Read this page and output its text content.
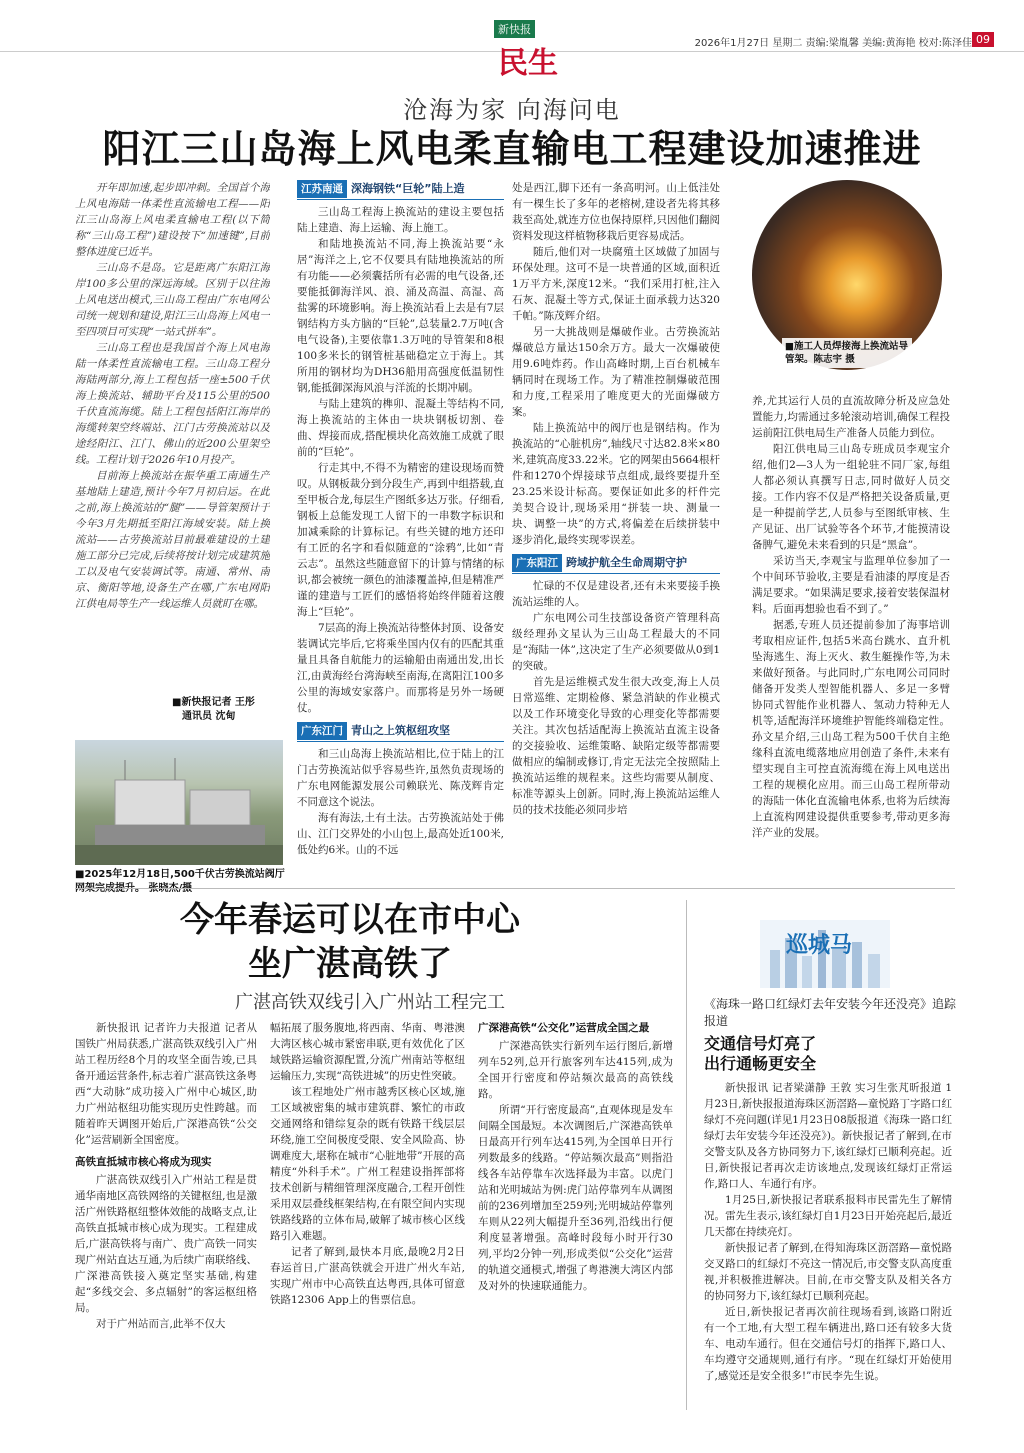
新快报
民生
2026年1月27日 星期二 责编:梁胤馨 美编:黄海艳 校对:陈泽佳 09
沧海为家 向海问电
阳江三山岛海上风电柔直输电工程建设加速推进

开年即加速,起步即冲刺。全国首个海上风电海陆一体柔性直流输电工程——阳江三山岛海上风电柔直输电工程(以下简称“三山岛工程”)建设按下“加速键”,目前整体进度已近半。

三山岛不是岛。它是距离广东阳江海岸100多公里的深远海域。区别于以往海上风电送出模式,三山岛工程由广东电网公司统一规划和建设,阳江三山岛海上风电一至四项目可实现“一站式拼车”。

三山岛工程也是我国首个海上风电海陆一体柔性直流输电工程。三山岛工程分海陆两部分,海上工程包括一座±500千伏海上换流站、辅助平台及115公里的500千伏直流海缆。陆上工程包括阳江海岸的海缆转架空终端站、江门古劳换流站以及途经阳江、江门、佛山的近200公里架空线。工程计划于2026年10月投产。

目前海上换流站在振华重工南通生产基地陆上建造,预计今年7月初启运。在此之前,海上换流站的“腿”——导管架预计于今年3月先期抵至阳江海域安装。陆上换流站——古劳换流站目前最难建设的土建施工部分已完成,后续将按计划完成建筑施工以及电气安装调试等。南通、常州、南京、衡阳等地,设备生产在哪,广东电网阳江供电局等生产一线运维人员就盯在哪。

■新快报记者 王彤
通讯员 沈甸
■2025年12月18日,500千伏古劳换流站阀厅
江苏南通 深海钢铁“巨轮”陆上造

三山岛工程海上换流站的建设主要包括陆上建造、海上运输、海上施工。

和陆地换流站不同,海上换流站要“永居”海洋之上,它不仅要具有陆地换流站的所有功能——必须囊括所有必需的电气设备,还要能抵御海洋风、浪、涌及高温、高湿、高盐雾的环境影响。海上换流站看上去是有7层钢结构方头方脑的“巨轮”,总装量2.7万吨(含电气设备),主要依靠1.3万吨的导管架和8根100多米长的钢管桩基础稳定立于海上。其所用的钢材均为DH36船用高强度低温韧性钢,能抵御深海风浪与洋流的长期冲刷。

与陆上建筑的榫卯、混凝土等结构不同,海上换流站的主体由一块块钢板切割、卷曲、焊接而成,搭配模块化高效施工成就了眼前的“巨轮”。

行走其中,不得不为精密的建设现场而赞叹。从钢板裁分到分段生产,再到中组搭载,直至甲板合龙,每层生产图纸多达万张。仔细看,钢板上总能发现工人留下的一串数字标识和加减乘除的计算标记。有些关键的地方还印有工匠的名字和看似随意的“涂鸦”,比如“青云志”。虽然这些随意留下的计算与情绪的标识,都会被统一颜色的油漆覆盖掉,但是精准严谨的建造与工匠们的感悟将始终伴随着这艘海上“巨轮”。

7层高的海上换流站待整体封顶、设备安装调试完毕后,它将乘坐国内仅有的匹配其重量且具备自航能力的运输船由南通出发,出长江,由黄海经台湾海峡至南海,在离阳江100多公里的海域安家落户。而那将是另外一场硬仗。

广东江门 青山之上筑枢纽攻坚

和三山岛海上换流站相比,位于陆上的江门古劳换流站似乎容易些许,虽然负责现场的广东电网能源发展公司赖联光、陈茂辉肯定不同意这个说法。

海有海法,土有土法。古劳换流站处于佛山、江门交界处的小山包上,最高处近100米,低处约6米。山的不远

处是西江,脚下还有一条高明河。山上低洼处有一棵生长了多年的老榕树,建设者先将其移栽至高处,就连方位也保持原样,只因他们翻阅资料发现这样植物移栽后更容易成活。

随后,他们对一块腐殖土区域做了加固与环保处理。这可不是一块普通的区域,面积近1万平方米,深度12米。“我们采用打桩,注入石灰、混凝土等方式,保证土面承载力达320千帕。”陈茂辉介绍。

另一大挑战则是爆破作业。古劳换流站爆破总方量达150余万方。最大一次爆破使用9.6吨炸药。作山高峰时期,上百台机械车辆同时在现场工作。为了精准控制爆破范围和力度,工程采用了唯度更大的光面爆破方案。

陆上换流站中的阀厅也是钢结构。作为换流站的“心脏机房”,轴线尺寸达82.8米×80米,建筑高度33.22米。它的网架由5664根杆件和1270个焊接球节点组成,最终要提升至23.25米设计标高。要保证如此多的杆件完美契合设计,现场采用“拼装一块、测量一块、调整一块”的方式,将偏差在后续拼装中逐步消化,最终实现零误差。

广东阳江 跨域护航全生命周期守护

忙碌的不仅是建设者,还有未来要接手换流站运维的人。

广东电网公司生技部设备资产管理科高级经理孙文星认为三山岛工程最大的不同是“海陆一体”,这决定了生产必须要做从0到1的突破。

首先是运维模式发生很大改变,海上人员日常巡维、定期检修、紧急消缺的作业模式以及工作环境变化导致的心理变化等都需要关注。其次包括适配海上换流站直流主设备的交接验收、运维策略、缺陷定级等都需要做相应的编制或修订,肯定无法完全按照陆上换流站运维的规程来。这些均需要从制度、标准等源头上创新。同时,海上换流站运维人员的技术技能必须同步培

■施工人员焊接海上换流站导管架。陈志宇 摄

养,尤其运行人员的直流故障分析及应急处置能力,均需通过多轮滚动培训,确保工程投运前阳江供电局生产准备人员能力到位。

阳江供电局三山岛专班成员李观宝介绍,他们2—3人为一组轮驻不同厂家,每组人都必须认真撰写日志,同时做好人员交接。工作内容不仅是严格把关设备质量,更是一种提前学艺,人员参与至图纸审核、生产见证、出厂试验等各个环节,才能摸清设备脾气,避免未来看到的只是“黑盒”。

采访当天,李观宝与监理单位参加了一个中间环节验收,主要是看油漆的厚度是否满足要求。“如果满足要求,接着安装保温材料。后面再想验也看不到了。”

据悉,专班人员还提前参加了海事培训考取相应证件,包括5米高台跳水、直升机坠海逃生、海上灭火、救生艇操作等,为未来做好预备。与此同时,广东电网公司同时储备开发类人型智能机器人、多足一多臂协同式智能作业机器人、氢动力特种无人机等,适配海洋环境维护智能终端稳定性。孙文星介绍,三山岛工程为500千伏自主绝缘科直流电缆落地应用创造了条件,未来有望实现自主可控直流海缆在海上风电送出工程的规模化应用。而三山岛工程所带动的海陆一体化直流输电体系,也将为后续海上直流构网建设提供重要参考,带动更多海洋产业的发展。

今年春运可以在市中心
坐广湛高铁了
广湛高铁双线引入广州站工程完工

新快报讯 记者许力夫报道 记者从国铁广州局获悉,广湛高铁双线引入广州站工程历经8个月的攻坚全面告竣,已具备开通运营条件,标志着广湛高铁这条粤西“大动脉”成功接入广州中心城区,助力广州站枢纽功能实现历史性跨越。而随着昨天调图开始后,广深港高铁“公交化”运营刷新全国密度。

高铁直抵城市核心将成为现实

广湛高铁双线引入广州站工程是贯通华南地区高铁网络的关键枢纽,也是激活广州铁路枢纽整体效能的战略支点,让高铁直抵城市核心成为现实。工程建成后,广湛高铁将与南广、贵广高铁一同实现广州站直达互通,为后续广南联络线、广深港高铁接入奠定坚实基础,构建起“多线交会、多点辐射”的客运枢纽格局。

对于广州站而言,此举不仅大

幅拓展了服务腹地,将西南、华南、粤港澳大湾区核心城市紧密串联,更有效优化了区域铁路运输资源配置,分流广州南站等枢纽运输压力,实现“高铁进城”的历史性突破。

该工程地处广州市越秀区核心区域,施工区域被密集的城市建筑群、繁忙的市政交通网络和错综复杂的既有铁路干线层层环绕,施工空间极度受限、安全风险高、协调难度大,堪称在城市“心脏地带”开展的高精度“外科手术”。广州工程建设指挥部将技术创新与精细管理深度融合,工程开创性采用双层叠线框架结构,在有限空间内实现铁路线路的立体布局,破解了城市核心区线路引入难题。

记者了解到,最快本月底,最晚2月2日春运首日,广湛高铁就会开进广州火车站,实现广州市中心高铁直达粤西,具体可留意铁路12306 App上的售票信息。

广深港高铁“公交化”运营成全国之最

广深港高铁实行新列车运行图后,新增列车52列,总开行旅客列车达415列,成为全国开行密度和停站频次最高的高铁线路。

所谓“开行密度最高”,直观体现是发车间隔全国最短。本次调图后,广深港高铁单日最高开行列车达415列,为全国单日开行列数最多的线路。“停站频次最高”则指沿线各车站停靠车次选择最为丰富。以虎门站和光明城站为例:虎门站停靠列车从调图前的236列增加至259列;光明城站停靠列车则从22列大幅提升至36列,沿线出行便利度显著增强。高峰时段每小时开行30列,平均2分钟一列,形成类似“公交化”运营的轨道交通模式,增强了粤港澳大湾区内部及对外的快速联通能力。

巡城马
《海珠一路口红绿灯去年安装今年还没亮》追踪报道
交通信号灯亮了
出行通畅更安全

新快报讯 记者梁潇静 王敦 实习生张芃昕报道 1月23日,新快报报道海珠区沥滘路—童悦路丁字路口红绿灯不亮问题(详见1月23日08版报道《海珠一路口红绿灯去年安装今年还没亮》)。新快报记者了解到,在市交警支队及各方协同努力下,该红绿灯已顺利亮起。近日,新快报记者再次走访该地点,发现该红绿灯正常运作,路口人、车通行有序。

1月25日,新快报记者联系报料市民雷先生了解情况。雷先生表示,该红绿灯自1月23日开始亮起后,最近几天都在持续亮灯。

新快报记者了解到,在得知海珠区沥滘路—童悦路交叉路口的红绿灯不亮这一情况后,市交警支队高度重视,并积极推进解决。目前,在市交警支队及相关各方的协同努力下,该红绿灯已顺利亮起。

近日,新快报记者再次前往现场看到,该路口附近有一个工地,有大型工程车辆进出,路口还有较多大货车、电动车通行。但在交通信号灯的指挥下,路口人、车均遵守交通规则,通行有序。“现在红绿灯开始使用了,感觉还是安全很多!”市民李先生说。
